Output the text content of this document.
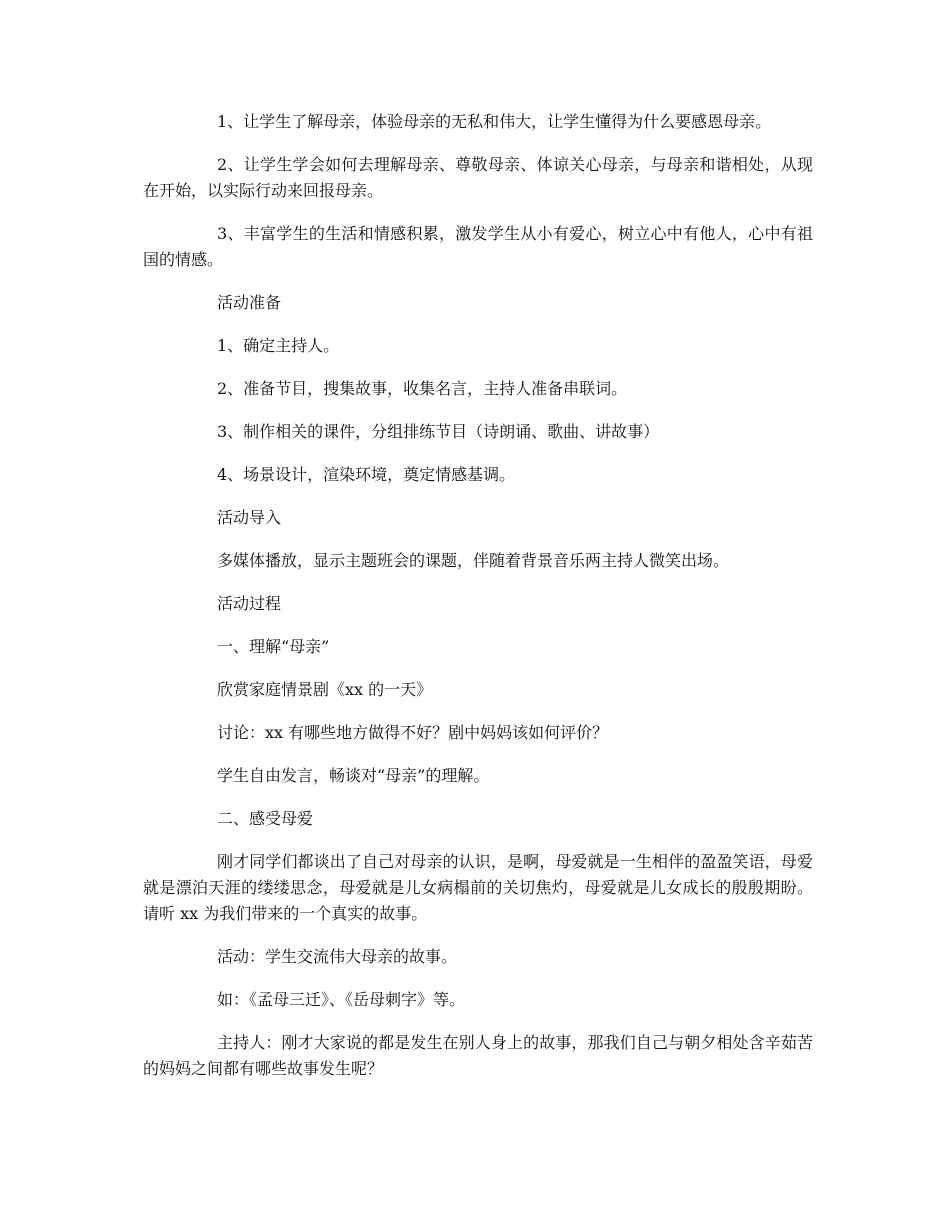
1、让学生了解母亲，体验母亲的无私和伟大，让学生懂得为什么要感恩母亲。

2、让学生学会如何去理解母亲、尊敬母亲、体谅关心母亲，与母亲和谐相处，从现在开始，以实际行动来回报母亲。

3、丰富学生的生活和情感积累，激发学生从小有爱心，树立心中有他人，心中有祖国的情感。

活动准备

1、确定主持人。

2、准备节目，搜集故事，收集名言，主持人准备串联词。

3、制作相关的课件，分组排练节目（诗朗诵、歌曲、讲故事）

4、场景设计，渲染环境，奠定情感基调。

活动导入

多媒体播放，显示主题班会的课题，伴随着背景音乐两主持人微笑出场。

活动过程

一、理解“母亲”

欣赏家庭情景剧《xx 的一天》

讨论：xx 有哪些地方做得不好？剧中妈妈该如何评价？

学生自由发言，畅谈对“母亲”的理解。

二、感受母爱

刚才同学们都谈出了自己对母亲的认识，是啊，母爱就是一生相伴的盈盈笑语，母爱就是漂泊天涯的缕缕思念，母爱就是儿女病榻前的关切焦灼，母爱就是儿女成长的殷殷期盼。请听 xx 为我们带来的一个真实的故事。

活动：学生交流伟大母亲的故事。

如：《孟母三迁》、《岳母刺字》等。

主持人：刚才大家说的都是发生在别人身上的故事，那我们自己与朝夕相处含辛茹苦的妈妈之间都有哪些故事发生呢？
